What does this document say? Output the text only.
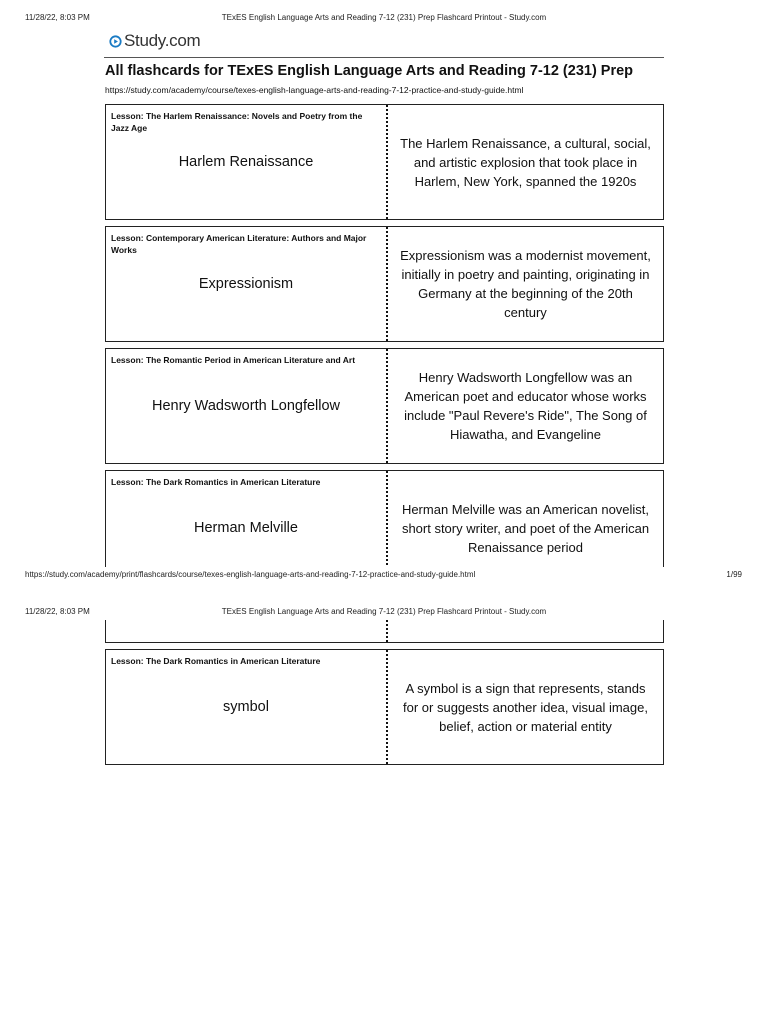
11/28/22, 8:03 PM	TExES English Language Arts and Reading 7-12 (231) Prep Flashcard Printout - Study.com
Study.com
All flashcards for TExES English Language Arts and Reading 7-12 (231) Prep
https://study.com/academy/course/texes-english-language-arts-and-reading-7-12-practice-and-study-guide.html
Lesson: The Harlem Renaissance: Novels and Poetry from the Jazz Age
Harlem Renaissance
The Harlem Renaissance, a cultural, social, and artistic explosion that took place in Harlem, New York, spanned the 1920s
Lesson: Contemporary American Literature: Authors and Major Works
Expressionism
Expressionism was a modernist movement, initially in poetry and painting, originating in Germany at the beginning of the 20th century
Lesson: The Romantic Period in American Literature and Art
Henry Wadsworth Longfellow
Henry Wadsworth Longfellow was an American poet and educator whose works include "Paul Revere's Ride", The Song of Hiawatha, and Evangeline
Lesson: The Dark Romantics in American Literature
Herman Melville
Herman Melville was an American novelist, short story writer, and poet of the American Renaissance period
https://study.com/academy/print/flashcards/course/texes-english-language-arts-and-reading-7-12-practice-and-study-guide.html	1/99
11/28/22, 8:03 PM	TExES English Language Arts and Reading 7-12 (231) Prep Flashcard Printout - Study.com
Lesson: The Dark Romantics in American Literature
symbol
A symbol is a sign that represents, stands for or suggests another idea, visual image, belief, action or material entity
